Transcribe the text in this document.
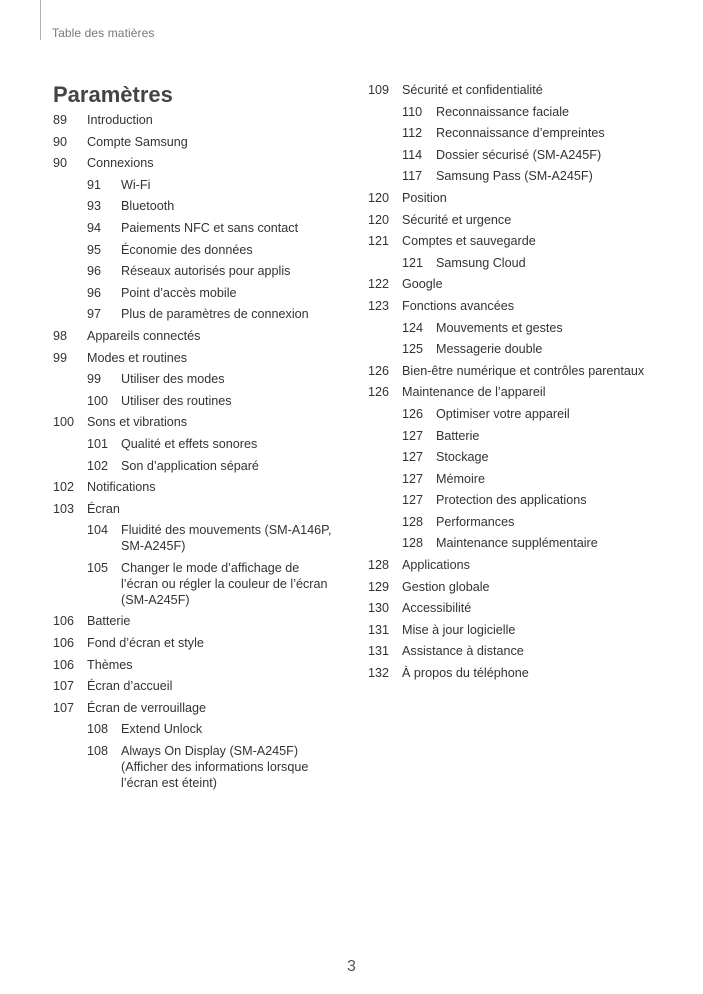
Table des matières
Paramètres
89	Introduction
90	Compte Samsung
90	Connexions
91	Wi-Fi
93	Bluetooth
94	Paiements NFC et sans contact
95	Économie des données
96	Réseaux autorisés pour applis
96	Point d’accès mobile
97	Plus de paramètres de connexion
98	Appareils connectés
99	Modes et routines
99	Utiliser des modes
100	Utiliser des routines
100	Sons et vibrations
101	Qualité et effets sonores
102	Son d’application séparé
102	Notifications
103	Écran
104	Fluidité des mouvements (SM-A146P,
SM-A245F)
105	Changer le mode d’affichage de
l’écran ou régler la couleur de l’écran
(SM-A245F)
106	Batterie
106	Fond d’écran et style
106	Thèmes
107	Écran d’accueil
107	Écran de verrouillage
108	Extend Unlock
108	Always On Display (SM-A245F)
(Afficher des informations lorsque
l’écran est éteint)
109	Sécurité et confidentialité
110	Reconnaissance faciale
112	Reconnaissance d’empreintes
114	Dossier sécurisé (SM-A245F)
117	Samsung Pass (SM-A245F)
120	Position
120	Sécurité et urgence
121	Comptes et sauvegarde
121	Samsung Cloud
122	Google
123	Fonctions avancées
124	Mouvements et gestes
125	Messagerie double
126	Bien-être numérique et contrôles parentaux
126	Maintenance de l’appareil
126	Optimiser votre appareil
127	Batterie
127	Stockage
127	Mémoire
127	Protection des applications
128	Performances
128	Maintenance supplémentaire
128	Applications
129	Gestion globale
130	Accessibilité
131	Mise à jour logicielle
131	Assistance à distance
132	À propos du téléphone
3
